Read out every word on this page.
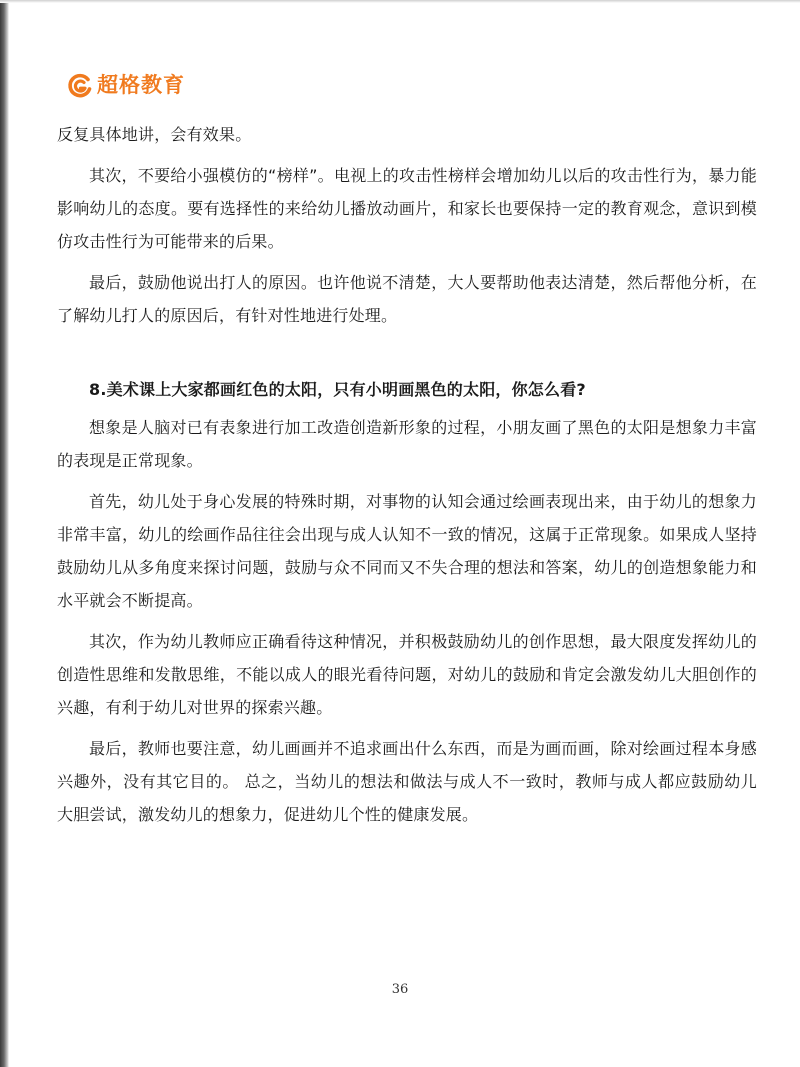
超格教育

反复具体地讲，会有效果。

其次，不要给小强模仿的“榜样”。电视上的攻击性榜样会增加幼儿以后的攻击性行为，暴力能影响幼儿的态度。要有选择性的来给幼儿播放动画片，和家长也要保持一定的教育观念，意识到模仿攻击性行为可能带来的后果。

最后，鼓励他说出打人的原因。也许他说不清楚，大人要帮助他表达清楚，然后帮他分析，在了解幼儿打人的原因后，有针对性地进行处理。

8.美术课上大家都画红色的太阳，只有小明画黑色的太阳，你怎么看?

想象是人脑对已有表象进行加工改造创造新形象的过程，小朋友画了黑色的太阳是想象力丰富的表现是正常现象。

首先，幼儿处于身心发展的特殊时期，对事物的认知会通过绘画表现出来，由于幼儿的想象力非常丰富，幼儿的绘画作品往往会出现与成人认知不一致的情况，这属于正常现象。如果成人坚持鼓励幼儿从多角度来探讨问题，鼓励与众不同而又不失合理的想法和答案，幼儿的创造想象能力和水平就会不断提高。

其次，作为幼儿教师应正确看待这种情况，并积极鼓励幼儿的创作思想，最大限度发挥幼儿的创造性思维和发散思维，不能以成人的眼光看待问题，对幼儿的鼓励和肯定会激发幼儿大胆创作的兴趣，有利于幼儿对世界的探索兴趣。

最后，教师也要注意，幼儿画画并不追求画出什么东西，而是为画而画，除对绘画过程本身感兴趣外，没有其它目的。 总之，当幼儿的想法和做法与成人不一致时，教师与成人都应鼓励幼儿大胆尝试，激发幼儿的想象力，促进幼儿个性的健康发展。

36
